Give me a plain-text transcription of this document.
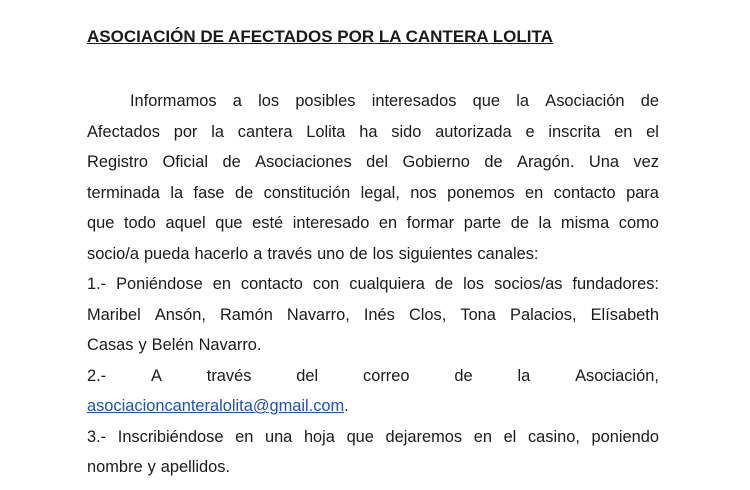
ASOCIACIÓN DE AFECTADOS POR LA CANTERA LOLITA
Informamos a los posibles interesados que la Asociación de
Afectados por la cantera Lolita ha sido autorizada e inscrita en el
Registro Oficial de Asociaciones del Gobierno de Aragón. Una vez
terminada la fase de constitución legal, nos ponemos en contacto para
que todo aquel que esté interesado en formar parte de la misma como
socio/a pueda hacerlo a través uno de los siguientes canales:
1.- Poniéndose en contacto con cualquiera de los socios/as fundadores:
Maribel Ansón, Ramón Navarro, Inés Clos, Tona Palacios, Elísabeth
Casas y Belén Navarro.
2.-	A	través	del	correo	de	la	Asociación,
asociacioncanteralolita@gmail.com.
3.- Inscribiéndose en una hoja que dejaremos en el casino, poniendo
nombre y apellidos.
